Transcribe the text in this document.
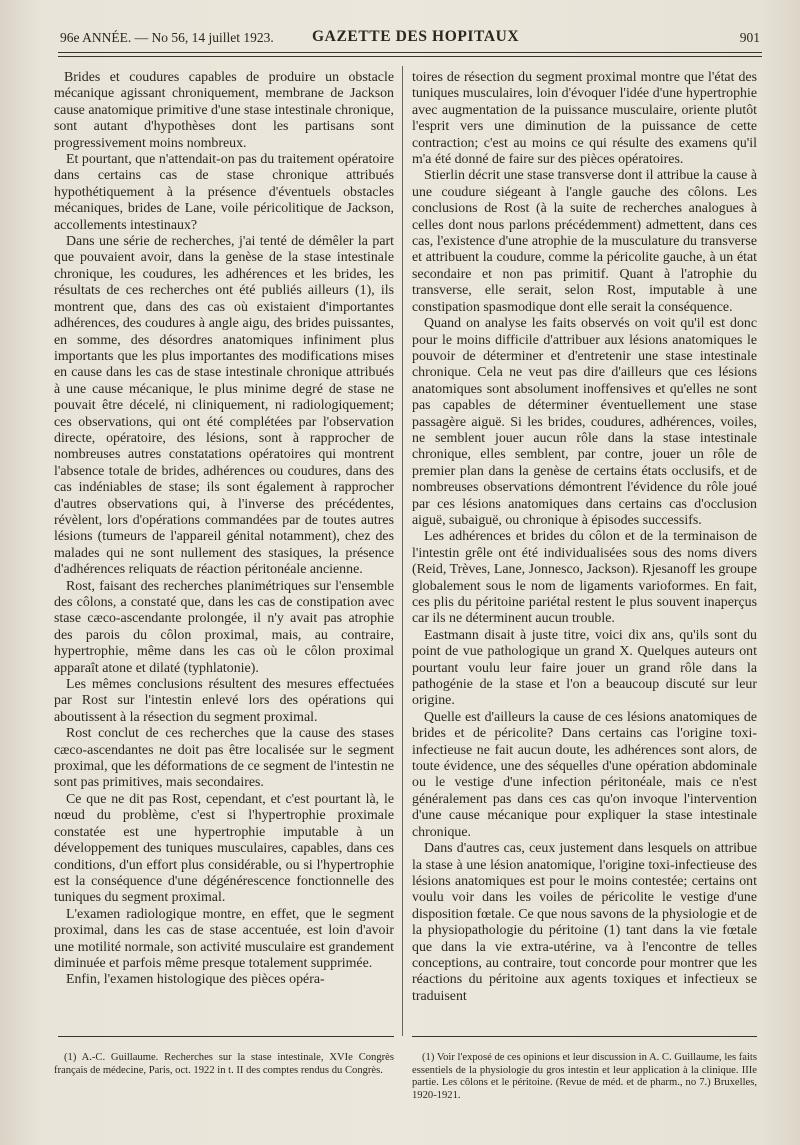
96e ANNÉE. — No 56, 14 juillet 1923. GAZETTE DES HOPITAUX	901

Brides et coudures capables de produire un obstacle mécanique agissant chroniquement, membrane de Jackson cause anatomique primitive d'une stase intestinale chronique, sont autant d'hypothèses dont les partisans sont progressivement moins nombreux.

Et pourtant, que n'attendait-on pas du traitement opératoire dans certains cas de stase chronique attribués hypothétiquement à la présence d'éventuels obstacles mécaniques, brides de Lane, voile péricolitique de Jackson, accollements intestinaux?

Dans une série de recherches, j'ai tenté de démêler la part que pouvaient avoir, dans la genèse de la stase intestinale chronique, les coudures, les adhérences et les brides, les résultats de ces recherches ont été publiés ailleurs (1), ils montrent que, dans des cas où existaient d'importantes adhérences, des coudures à angle aigu, des brides puissantes, en somme, des désordres anatomiques infiniment plus importants que les plus importantes des modifications mises en cause dans les cas de stase intestinale chronique attribués à une cause mécanique, le plus minime degré de stase ne pouvait être décelé, ni cliniquement, ni radiologiquement; ces observations, qui ont été complétées par l'observation directe, opératoire, des lésions, sont à rapprocher de nombreuses autres constatations opératoires qui montrent l'absence totale de brides, adhérences ou coudures, dans des cas indéniables de stase; ils sont également à rapprocher d'autres observations qui, à l'inverse des précédentes, révèlent, lors d'opérations commandées par de toutes autres lésions (tumeurs de l'appareil génital notamment), chez des malades qui ne sont nullement des stasiques, la présence d'adhérences reliquats de réaction péritonéale ancienne.

Rost, faisant des recherches planimétriques sur l'ensemble des côlons, a constaté que, dans les cas de constipation avec stase cæco-ascendante prolongée, il n'y avait pas atrophie des parois du côlon proximal, mais, au contraire, hypertrophie, même dans les cas où le côlon proximal apparaît atone et dilaté (typhlatonie).

Les mêmes conclusions résultent des mesures effectuées par Rost sur l'intestin enlevé lors des opérations qui aboutissent à la résection du segment proximal.

Rost conclut de ces recherches que la cause des stases cæco-ascendantes ne doit pas être localisée sur le segment proximal, que les déformations de ce segment de l'intestin ne sont pas primitives, mais secondaires.

Ce que ne dit pas Rost, cependant, et c'est pourtant là, le nœud du problème, c'est si l'hypertrophie proximale constatée est une hypertrophie imputable à un développement des tuniques musculaires, capables, dans ces conditions, d'un effort plus considérable, ou si l'hypertrophie est la conséquence d'une dégénérescence fonctionnelle des tuniques du segment proximal.

L'examen radiologique montre, en effet, que le segment proximal, dans les cas de stase accentuée, est loin d'avoir une motilité normale, son activité musculaire est grandement diminuée et parfois même presque totalement supprimée.

Enfin, l'examen histologique des pièces opéra-

toires de résection du segment proximal montre que l'état des tuniques musculaires, loin d'évoquer l'idée d'une hypertrophie avec augmentation de la puissance musculaire, oriente plutôt l'esprit vers une diminution de la puissance de cette contraction; c'est au moins ce qui résulte des examens qu'il m'a été donné de faire sur des pièces opératoires.

Stierlin décrit une stase transverse dont il attribue la cause à une coudure siégeant à l'angle gauche des côlons. Les conclusions de Rost (à la suite de recherches analogues à celles dont nous parlons précédemment) admettent, dans ces cas, l'existence d'une atrophie de la musculature du transverse et attribuent la coudure, comme la péricolite gauche, à un état secondaire et non pas primitif. Quant à l'atrophie du transverse, elle serait, selon Rost, imputable à une constipation spasmodique dont elle serait la conséquence.

Quand on analyse les faits observés on voit qu'il est donc pour le moins difficile d'attribuer aux lésions anatomiques le pouvoir de déterminer et d'entretenir une stase intestinale chronique. Cela ne veut pas dire d'ailleurs que ces lésions anatomiques sont absolument inoffensives et qu'elles ne sont pas capables de déterminer éventuellement une stase passagère aiguë. Si les brides, coudures, adhérences, voiles, ne semblent jouer aucun rôle dans la stase intestinale chronique, elles semblent, par contre, jouer un rôle de premier plan dans la genèse de certains états occlusifs, et de nombreuses observations démontrent l'évidence du rôle joué par ces lésions anatomiques dans certains cas d'occlusion aiguë, subaiguë, ou chronique à épisodes successifs.

Les adhérences et brides du côlon et de la terminaison de l'intestin grêle ont été individualisées sous des noms divers (Reid, Trèves, Lane, Jonnesco, Jackson). Rjesanoff les groupe globalement sous le nom de ligaments varioformes. En fait, ces plis du péritoine pariétal restent le plus souvent inaperçus car ils ne déterminent aucun trouble.

Eastmann disait à juste titre, voici dix ans, qu'ils sont du point de vue pathologique un grand X. Quelques auteurs ont pourtant voulu leur faire jouer un grand rôle dans la pathogénie de la stase et l'on a beaucoup discuté sur leur origine.

Quelle est d'ailleurs la cause de ces lésions anatomiques de brides et de péricolite? Dans certains cas l'origine toxi-infectieuse ne fait aucun doute, les adhérences sont alors, de toute évidence, une des séquelles d'une opération abdominale ou le vestige d'une infection péritonéale, mais ce n'est généralement pas dans ces cas qu'on invoque l'intervention d'une cause mécanique pour expliquer la stase intestinale chronique.

Dans d'autres cas, ceux justement dans lesquels on attribue la stase à une lésion anatomique, l'origine toxi-infectieuse des lésions anatomiques est pour le moins contestée; certains ont voulu voir dans les voiles de péricolite le vestige d'une disposition fœtale. Ce que nous savons de la physiologie et de la physiopathologie du péritoine (1) tant dans la vie fœtale que dans la vie extra-utérine, va à l'encontre de telles conceptions, au contraire, tout concorde pour montrer que les réactions du péritoine aux agents toxiques et infectieux se traduisent

(1) A.-C. Guillaume. Recherches sur la stase intestinale, XVIe Congrès français de médecine, Paris, oct. 1922 in t. II des comptes rendus du Congrès.

(1) Voir l'exposé de ces opinions et leur discussion in A. C. Guillaume, les faits essentiels de la physiologie du gros intestin et leur application à la clinique. IIIe partie. Les côlons et le péritoine. (Revue de méd. et de pharm., no 7.) Bruxelles, 1920-1921.
